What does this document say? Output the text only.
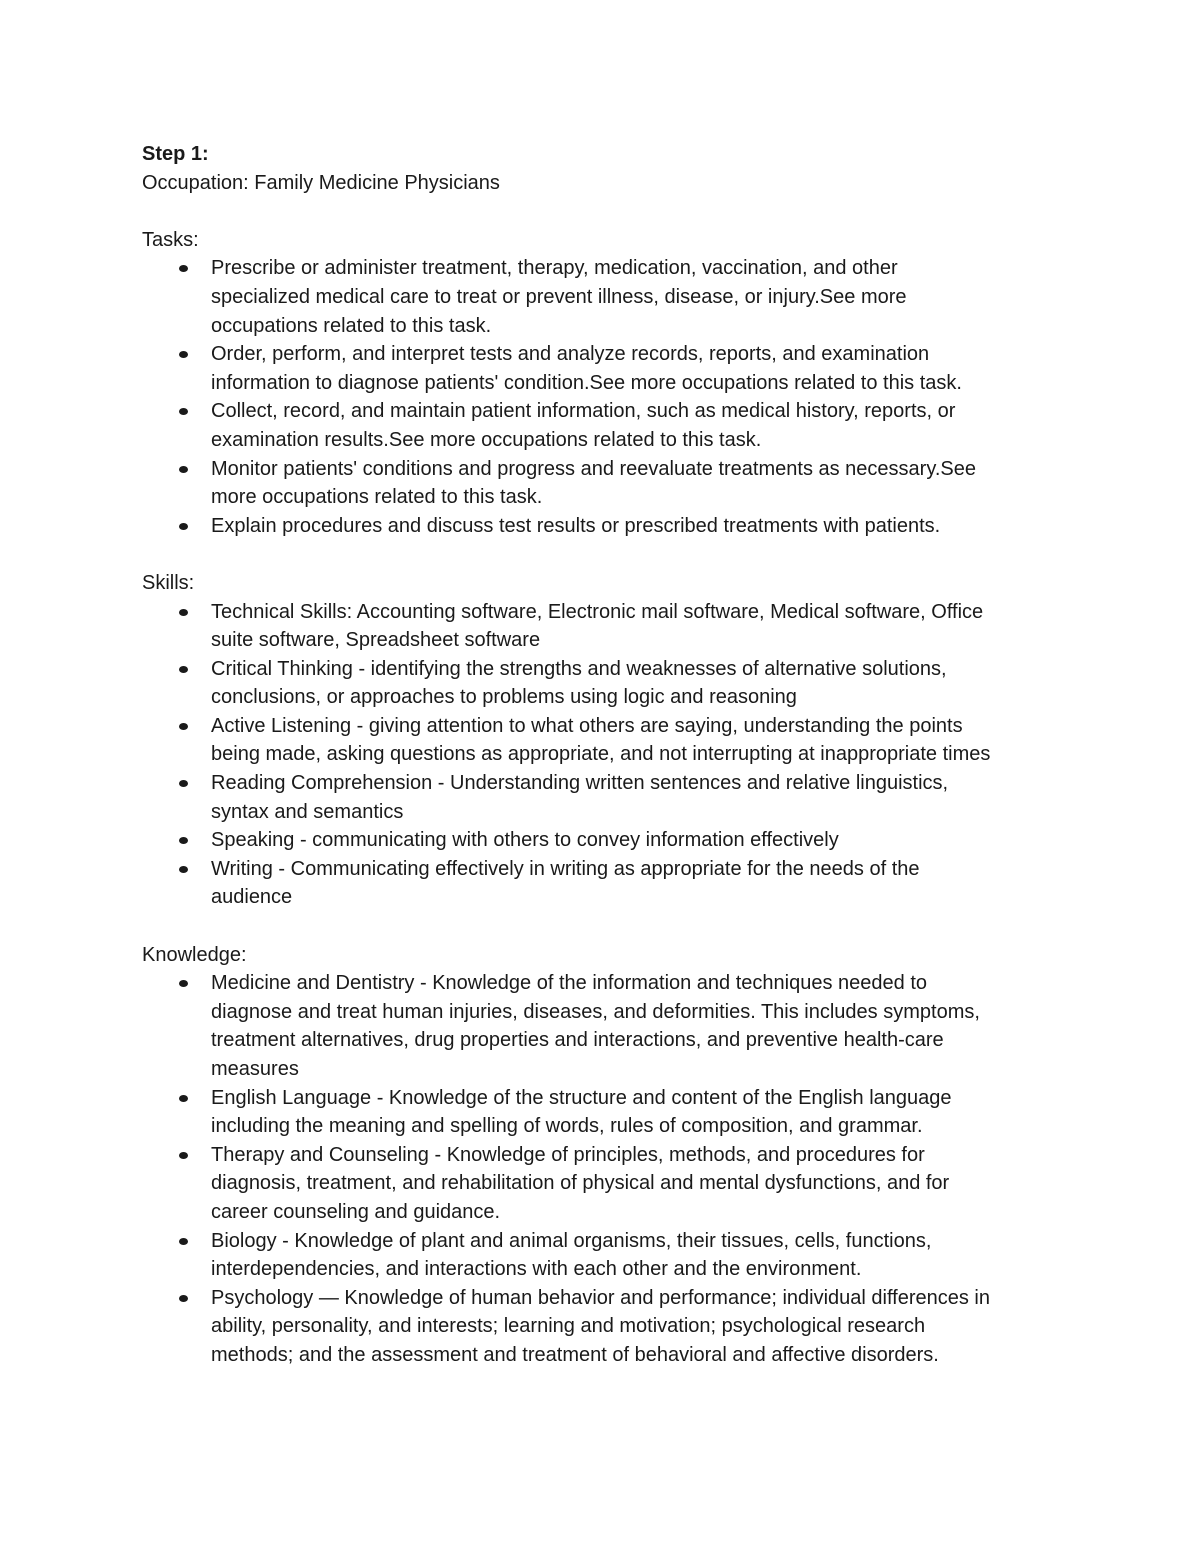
Step 1:

Occupation: Family Medicine Physicians

Tasks:

Prescribe or administer treatment, therapy, medication, vaccination, and other
specialized medical care to treat or prevent illness, disease, or injury.See more
occupations related to this task.
Order, perform, and interpret tests and analyze records, reports, and examination
information to diagnose patients' condition.See more occupations related to this task.
Collect, record, and maintain patient information, such as medical history, reports, or
examination results.See more occupations related to this task.
Monitor patients' conditions and progress and reevaluate treatments as necessary.See
more occupations related to this task.
Explain procedures and discuss test results or prescribed treatments with patients.

Skills:

Technical Skills: Accounting software, Electronic mail software, Medical software, Office
suite software, Spreadsheet software
Critical Thinking - identifying the strengths and weaknesses of alternative solutions,
conclusions, or approaches to problems using logic and reasoning
Active Listening - giving attention to what others are saying, understanding the points
being made, asking questions as appropriate, and not interrupting at inappropriate times
Reading Comprehension - Understanding written sentences and relative linguistics,
syntax and semantics
Speaking - communicating with others to convey information effectively
Writing - Communicating effectively in writing as appropriate for the needs of the
audience

Knowledge:

Medicine and Dentistry - Knowledge of the information and techniques needed to
diagnose and treat human injuries, diseases, and deformities. This includes symptoms,
treatment alternatives, drug properties and interactions, and preventive health-care
measures
English Language - Knowledge of the structure and content of the English language
including the meaning and spelling of words, rules of composition, and grammar.
Therapy and Counseling - Knowledge of principles, methods, and procedures for
diagnosis, treatment, and rehabilitation of physical and mental dysfunctions, and for
career counseling and guidance.
Biology - Knowledge of plant and animal organisms, their tissues, cells, functions,
interdependencies, and interactions with each other and the environment.
Psychology — Knowledge of human behavior and performance; individual differences in
ability, personality, and interests; learning and motivation; psychological research
methods; and the assessment and treatment of behavioral and affective disorders.
